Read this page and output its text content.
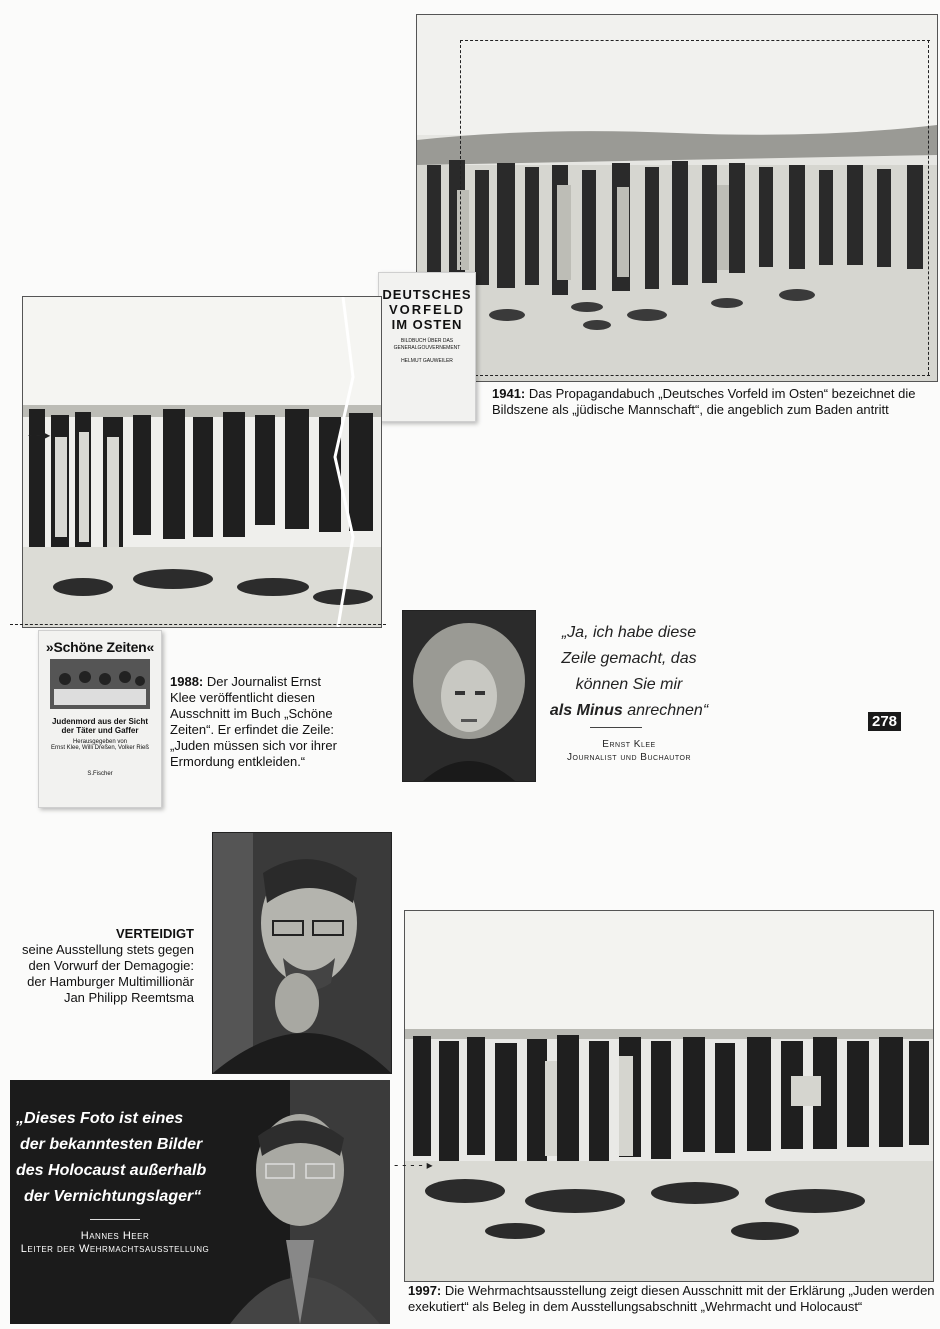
DEUTSCHES
VORFELD
IM OSTEN
BILDBUCH ÜBER DAS GENERALGOUVERNEMENT
HELMUT GAUWEILER
1941: Das Propagandabuch „Deutsches Vorfeld im Osten“ bezeichnet die Bildszene als „jüdische Mannschaft“, die angeblich zum Baden antritt
- - ▸
»Schöne Zeiten«
Judenmord aus der Sicht der Täter und Gaffer
Herausgegeben von
Ernst Klee, Willi Dreßen, Volker Rieß
S.Fischer
1988: Der Journalist Ernst Klee veröffentlicht diesen Ausschnitt im Buch „Schöne Zeiten“. Er erfindet die Zeile: „Juden müssen sich vor ihrer Ermordung entkleiden.“
„Ja, ich habe diese
Zeile gemacht, das
können Sie mir
als Minus anrechnen“
Ernst Klee
Journalist und Buchautor
278
VERTEIDIGT
seine Ausstellung stets gegen
den Vorwurf der Demagogie:
der Hamburger Multimillionär
Jan Philipp Reemtsma
„Dieses Foto ist eines
der bekanntesten Bilder
des Holocaust außerhalb
der Vernichtungslager“
Hannes Heer
Leiter der Wehrmachtsausstellung
- - - - ▸
1997: Die Wehrmachtsausstellung zeigt diesen Ausschnitt mit der Erklärung „Juden werden exekutiert“ als Beleg in dem Ausstellungsabschnitt „Wehrmacht und Holocaust“
